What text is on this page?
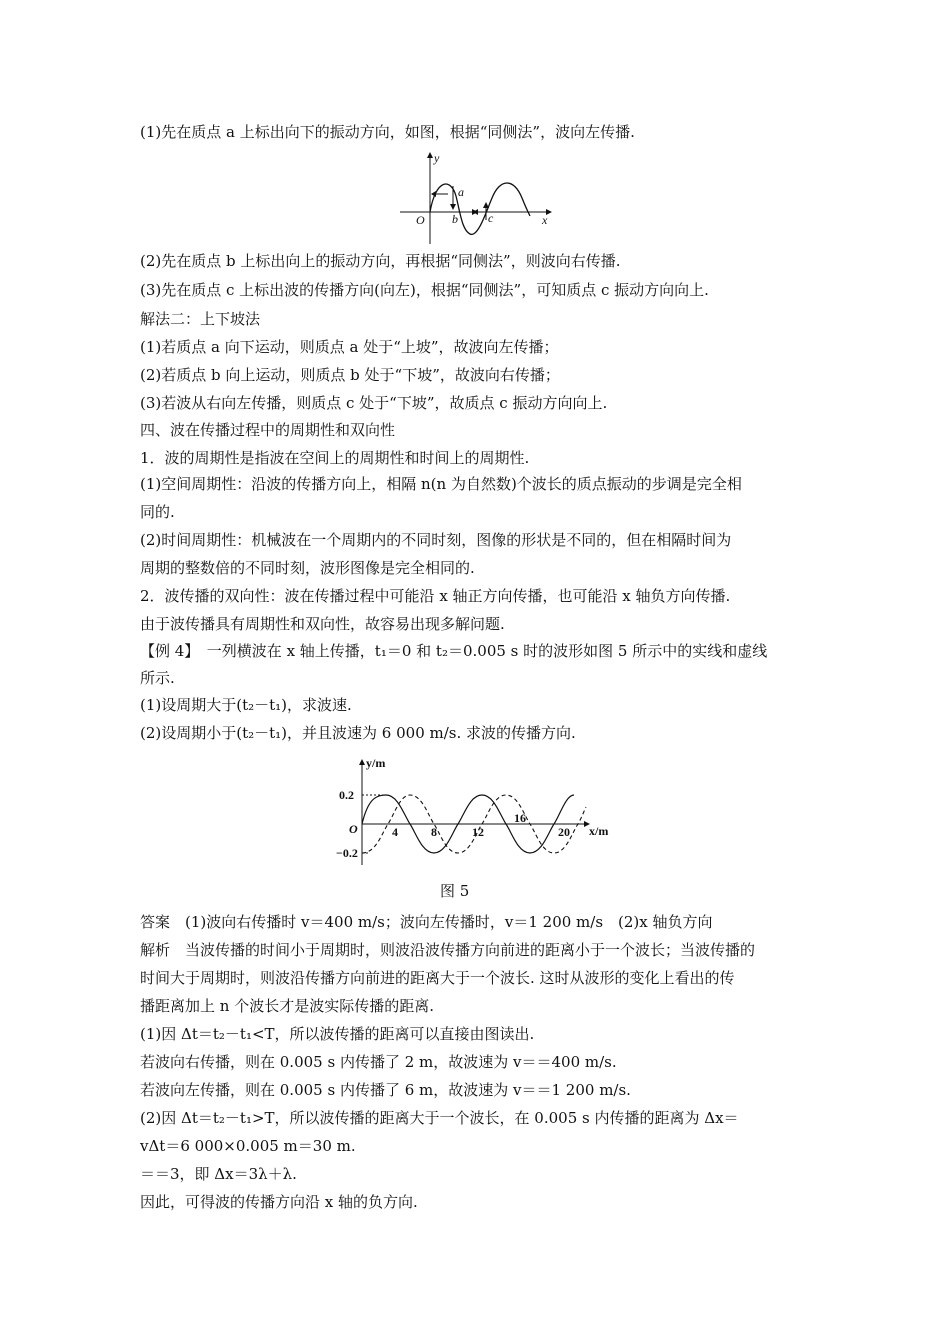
(1)先在质点 a 上标出向下的振动方向，如图，根据“同侧法”，波向左传播.
y
x
O
a
b	c
(2)先在质点 b 上标出向上的振动方向，再根据“同侧法”，则波向右传播.
(3)先在质点 c 上标出波的传播方向(向左)，根据“同侧法”，可知质点 c 振动方向向上.
解法二：上下坡法
(1)若质点 a 向下运动，则质点 a 处于“上坡”，故波向左传播；
(2)若质点 b 向上运动，则质点 b 处于“下坡”，故波向右传播；
(3)若波从右向左传播，则质点 c 处于“下坡”，故质点 c 振动方向向上.
四、波在传播过程中的周期性和双向性
1．波的周期性是指波在空间上的周期性和时间上的周期性.
(1)空间周期性：沿波的传播方向上，相隔 n(n 为自然数)个波长的质点振动的步调是完全相
同的.
(2)时间周期性：机械波在一个周期内的不同时刻，图像的形状是不同的，但在相隔时间为
周期的整数倍的不同时刻，波形图像是完全相同的.
2．波传播的双向性：波在传播过程中可能沿 x 轴正方向传播，也可能沿 x 轴负方向传播.
由于波传播具有周期性和双向性，故容易出现多解问题.
【例 4】　一列横波在 x 轴上传播，t₁＝0 和 t₂＝0.005 s 时的波形如图 5 所示中的实线和虚线
所示.
(1)设周期大于(t₂－t₁)，求波速.
(2)设周期小于(t₂－t₁)，并且波速为 6 000 m/s. 求波的传播方向.
y/m
x/m
O
0.2
−0.2
4	8	12
16
20
图 5
答案　(1)波向右传播时 v＝400 m/s；波向左传播时，v＝1 200 m/s　(2)x 轴负方向
解析　当波传播的时间小于周期时，则波沿波传播方向前进的距离小于一个波长；当波传播的
时间大于周期时，则波沿传播方向前进的距离大于一个波长. 这时从波形的变化上看出的传
播距离加上 n 个波长才是波实际传播的距离.
(1)因 Δt＝t₂－t₁<T，所以波传播的距离可以直接由图读出.
若波向右传播，则在 0.005 s 内传播了 2 m，故波速为 v＝＝400 m/s.
若波向左传播，则在 0.005 s 内传播了 6 m，故波速为 v＝＝1 200 m/s.
(2)因 Δt＝t₂－t₁>T，所以波传播的距离大于一个波长，在 0.005 s 内传播的距离为 Δx＝
vΔt＝6 000×0.005 m＝30 m.
＝＝3，即 Δx＝3λ＋λ.
因此，可得波的传播方向沿 x 轴的负方向.
